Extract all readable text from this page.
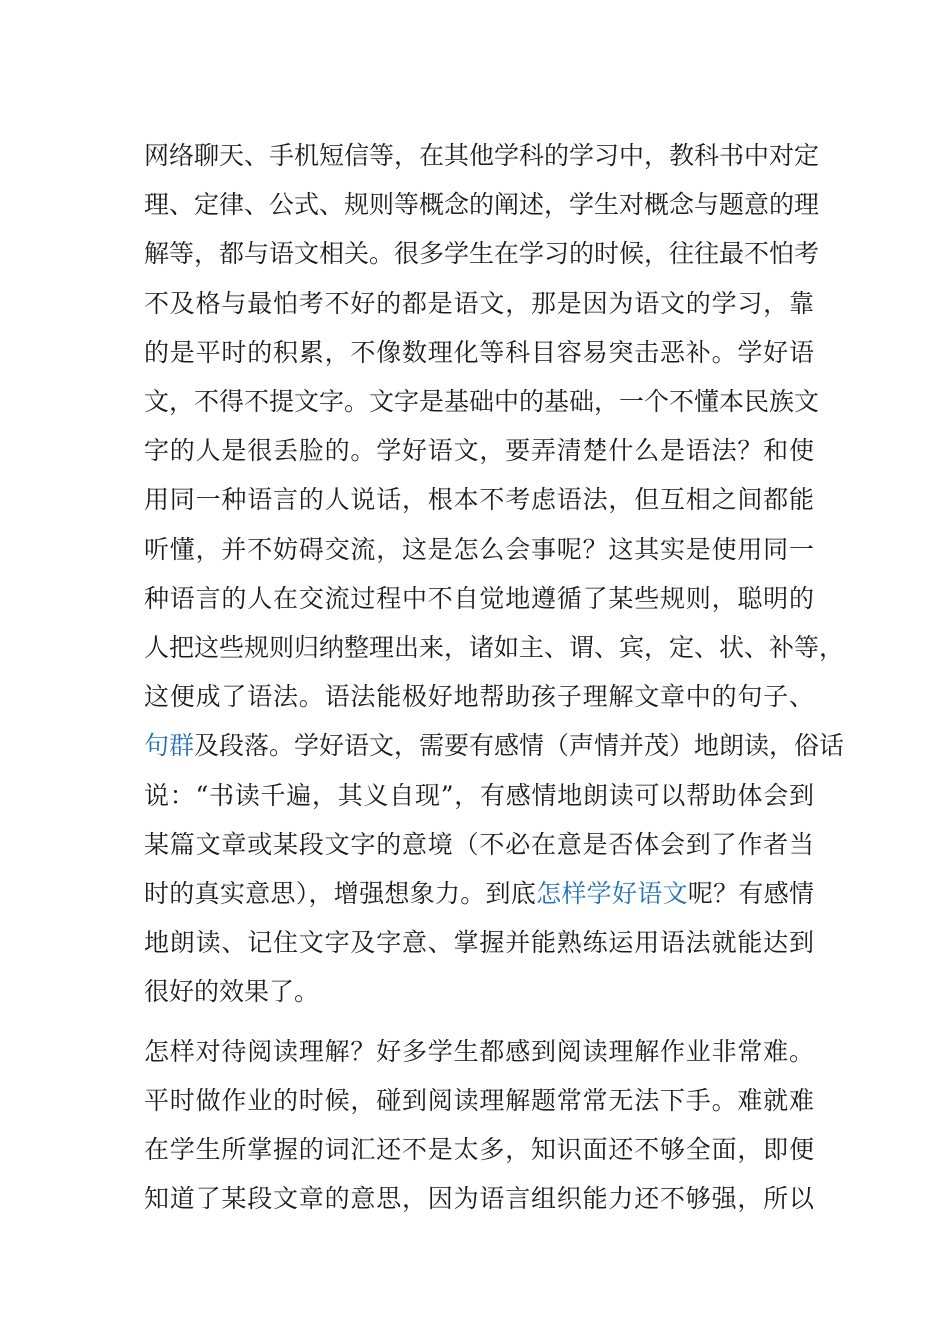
网络聊天、手机短信等，在其他学科的学习中，教科书中对定
理、定律、公式、规则等概念的阐述，学生对概念与题意的理
解等，都与语文相关。很多学生在学习的时候，往往最不怕考
不及格与最怕考不好的都是语文，那是因为语文的学习，靠
的是平时的积累，不像数理化等科目容易突击恶补。学好语
文，不得不提文字。文字是基础中的基础，一个不懂本民族文
字的人是很丢脸的。学好语文，要弄清楚什么是语法？和使
用同一种语言的人说话，根本不考虑语法，但互相之间都能
听懂，并不妨碍交流，这是怎么会事呢？这其实是使用同一
种语言的人在交流过程中不自觉地遵循了某些规则，聪明的
人把这些规则归纳整理出来，诸如主、谓、宾，定、状、补等，
这便成了语法。语法能极好地帮助孩子理解文章中的句子、
句群及段落。学好语文，需要有感情（声情并茂）地朗读，俗话
说：“书读千遍，其义自现”，有感情地朗读可以帮助体会到
某篇文章或某段文字的意境（不必在意是否体会到了作者当
时的真实意思），增强想象力。到底怎样学好语文呢？有感情
地朗读、记住文字及字意、掌握并能熟练运用语法就能达到
很好的效果了。
怎样对待阅读理解？好多学生都感到阅读理解作业非常难。
平时做作业的时候，碰到阅读理解题常常无法下手。难就难
在学生所掌握的词汇还不是太多，知识面还不够全面，即便
知道了某段文章的意思，因为语言组织能力还不够强，所以
